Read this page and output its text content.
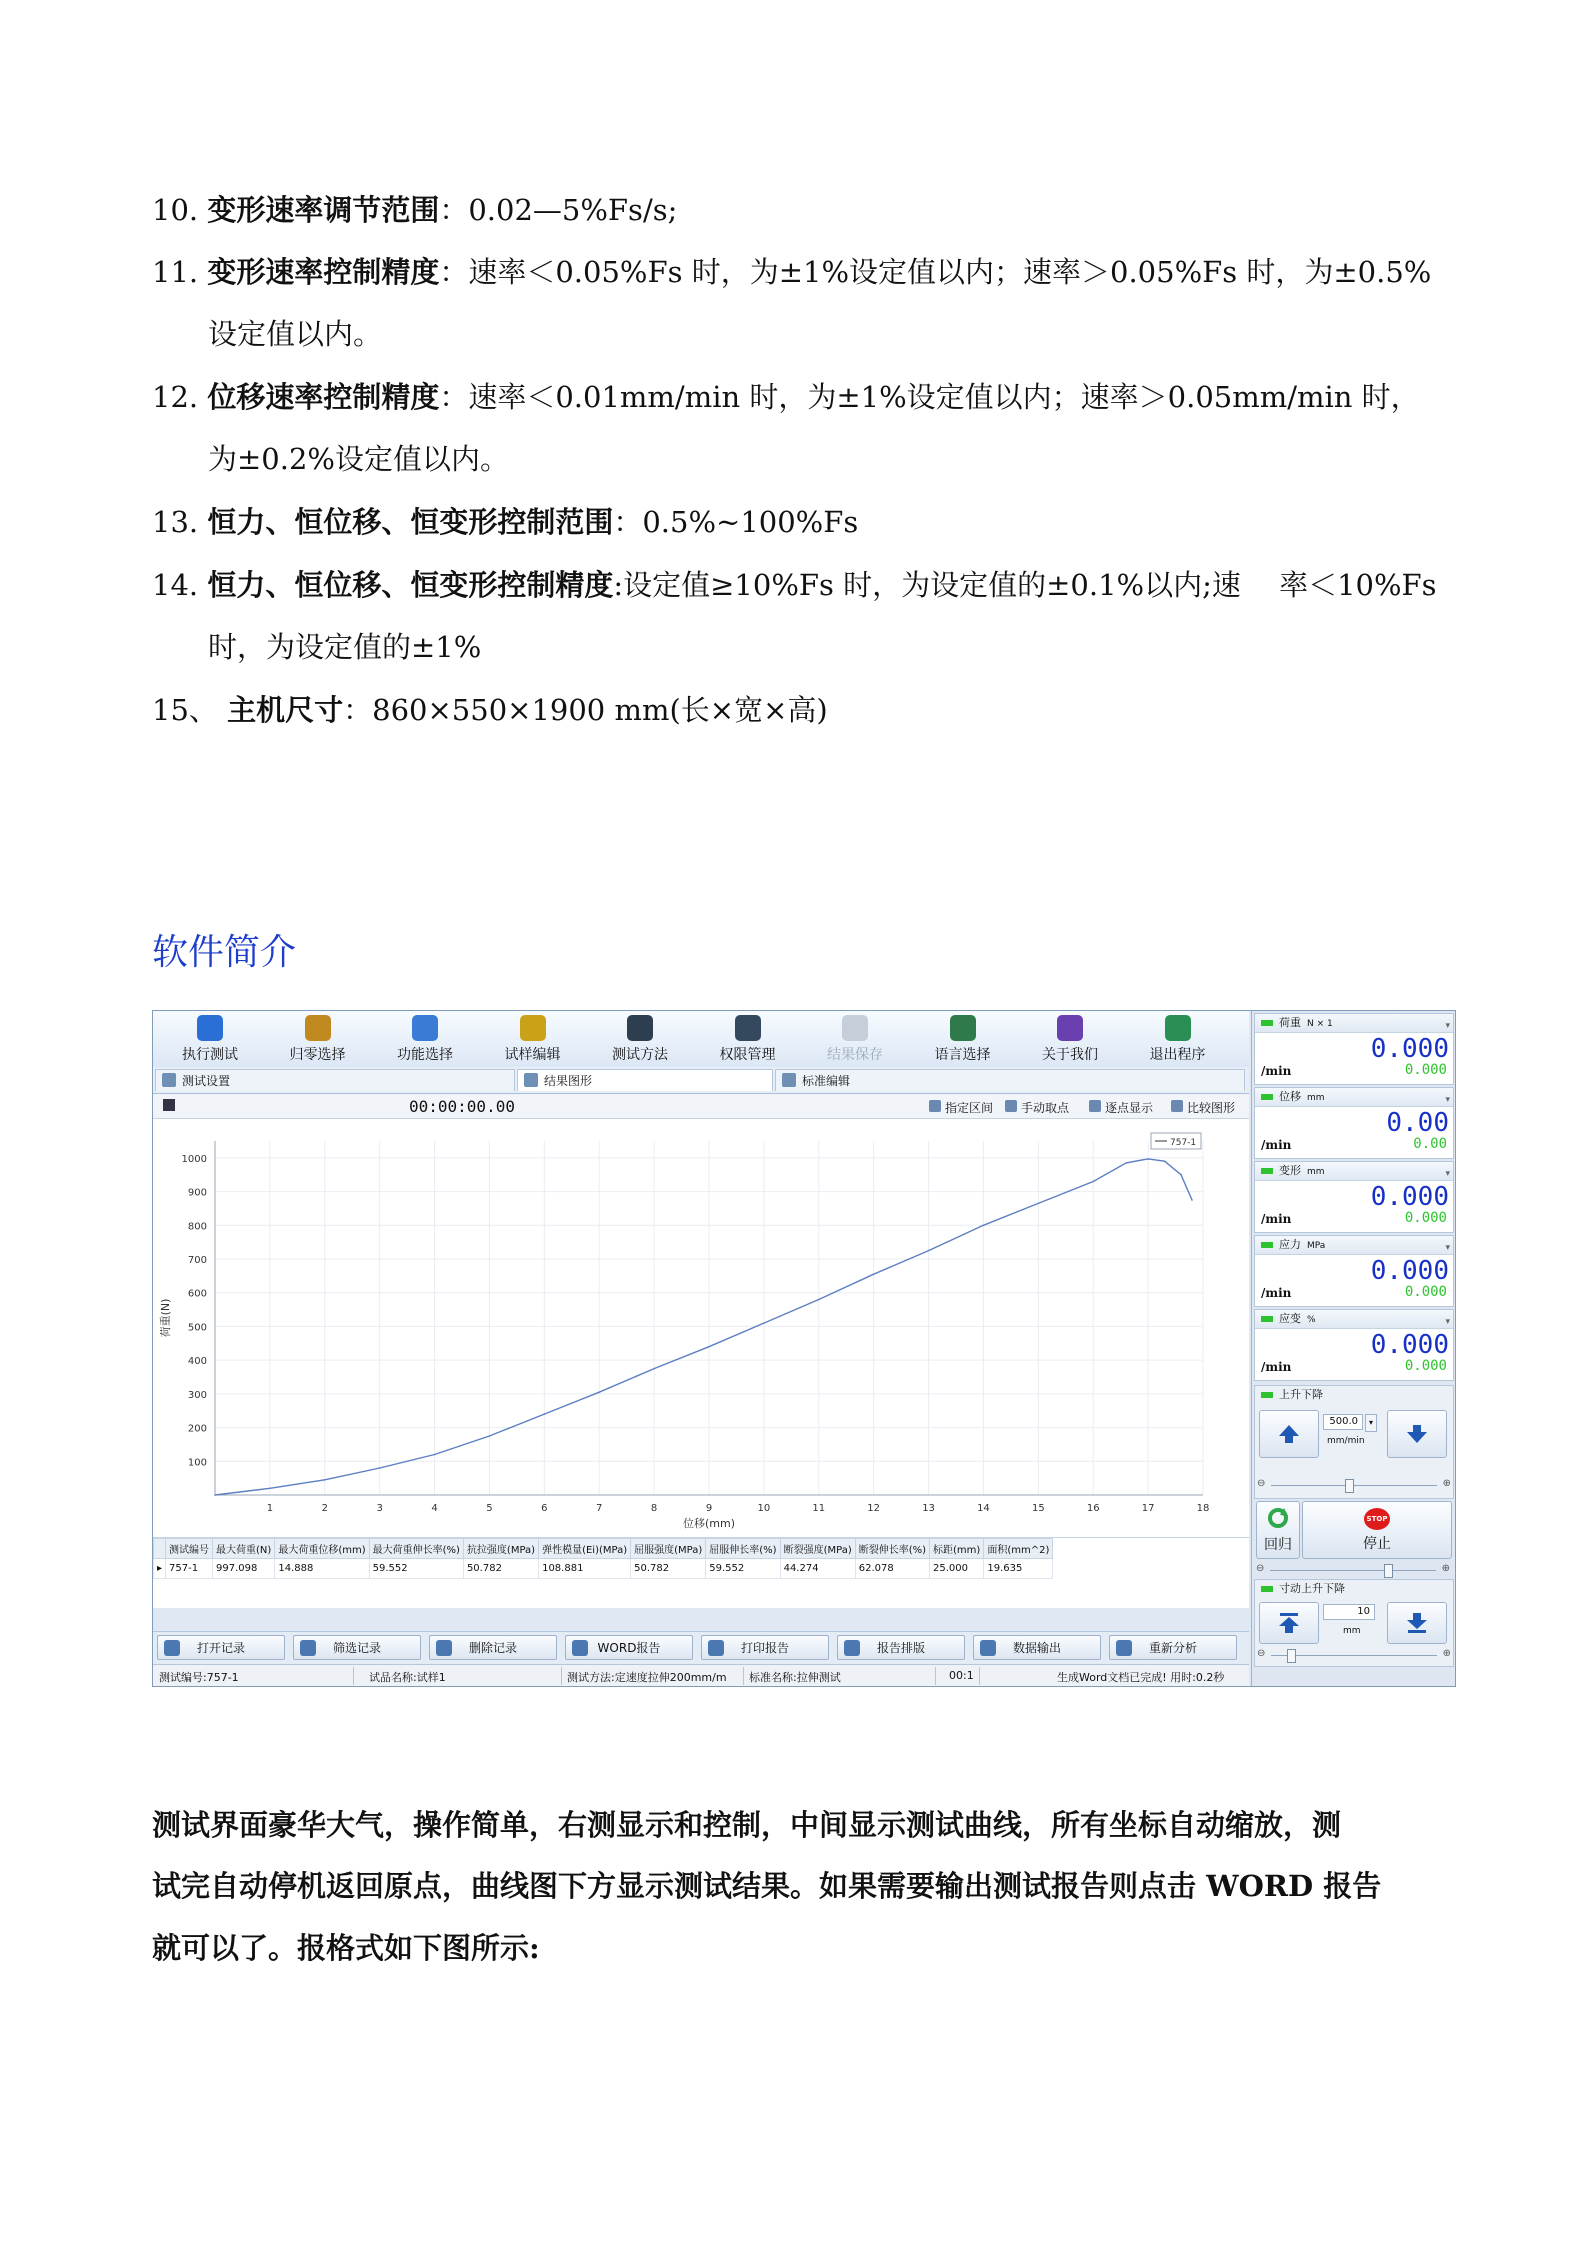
10. 变形速率调节范围：0.02—5%Fs/s;
11. 变形速率控制精度：速率＜0.05%Fs 时，为±1%设定值以内；速率＞0.05%Fs 时，为±0.5%
设定值以内。
12. 位移速率控制精度：速率＜0.01mm/min 时，为±1%设定值以内；速率＞0.05mm/min 时，
为±0.2%设定值以内。
13. 恒力、恒位移、恒变形控制范围：0.5%~100%Fs
14. 恒力、恒位移、恒变形控制精度:设定值≥10%Fs 时，为设定值的±0.1%以内;速　 率＜10%Fs
时，为设定值的±1%
15、 主机尺寸：860×550×1900 mm(长×宽×高)
软件简介
执行测试	归零选择	功能选择	试样编辑	测试方法	权限管理	结果保存	语言选择	关于我们	退出程序
测试设置	结果图形	标准编辑
00:00:00.00	指定区间	手动取点	逐点显示	比较图形
1	2	3	4	5	6	7	8	9	10	11	12	13	14	15	16	17	18
100
200
300
400
500
600
700
800
900
1000
位移(mm)
荷重(N)
757-1
	测试编号	最大荷重(N)	最大荷重位移(mm)	最大荷重伸长率(%)	抗拉强度(MPa)	弹性模量(Ei)(MPa)	屈服强度(MPa)	屈服伸长率(%)	断裂强度(MPa)	断裂伸长率(%)	标距(mm)	面积(mm^2)
▸	757-1	997.098	14.888	59.552	50.782	108.881	50.782	59.552	44.274	62.078	25.000	19.635
打开记录	筛选记录	删除记录	WORD报告	打印报告	报告排版	数据输出	重新分析
测试编号:757-1	试品名称:试样1	测试方法:定速度拉伸200mm/m 标准名称:拉伸测试	00:1	生成Word文档已完成! 用时:0.2秒
荷重 N × 1	▾
0.000
/min	0.000
位移 mm	▾
0.00
/min	0.00
变形 mm	▾
0.000
/min	0.000
应力 MPa	▾
0.000
/min	0.000
应变 %	▾
0.000
/min	0.000
上升下降
500.0	▾
mm/min
⊖	⊕
回归
STOP
停止
⊖	⊕
寸动上升下降
10
mm
⊖	⊕
测试界面豪华大气，操作简单，右测显示和控制，中间显示测试曲线，所有坐标自动缩放，测
试完自动停机返回原点，曲线图下方显示测试结果。如果需要输出测试报告则点击 WORD 报告
就可以了。报格式如下图所示:
